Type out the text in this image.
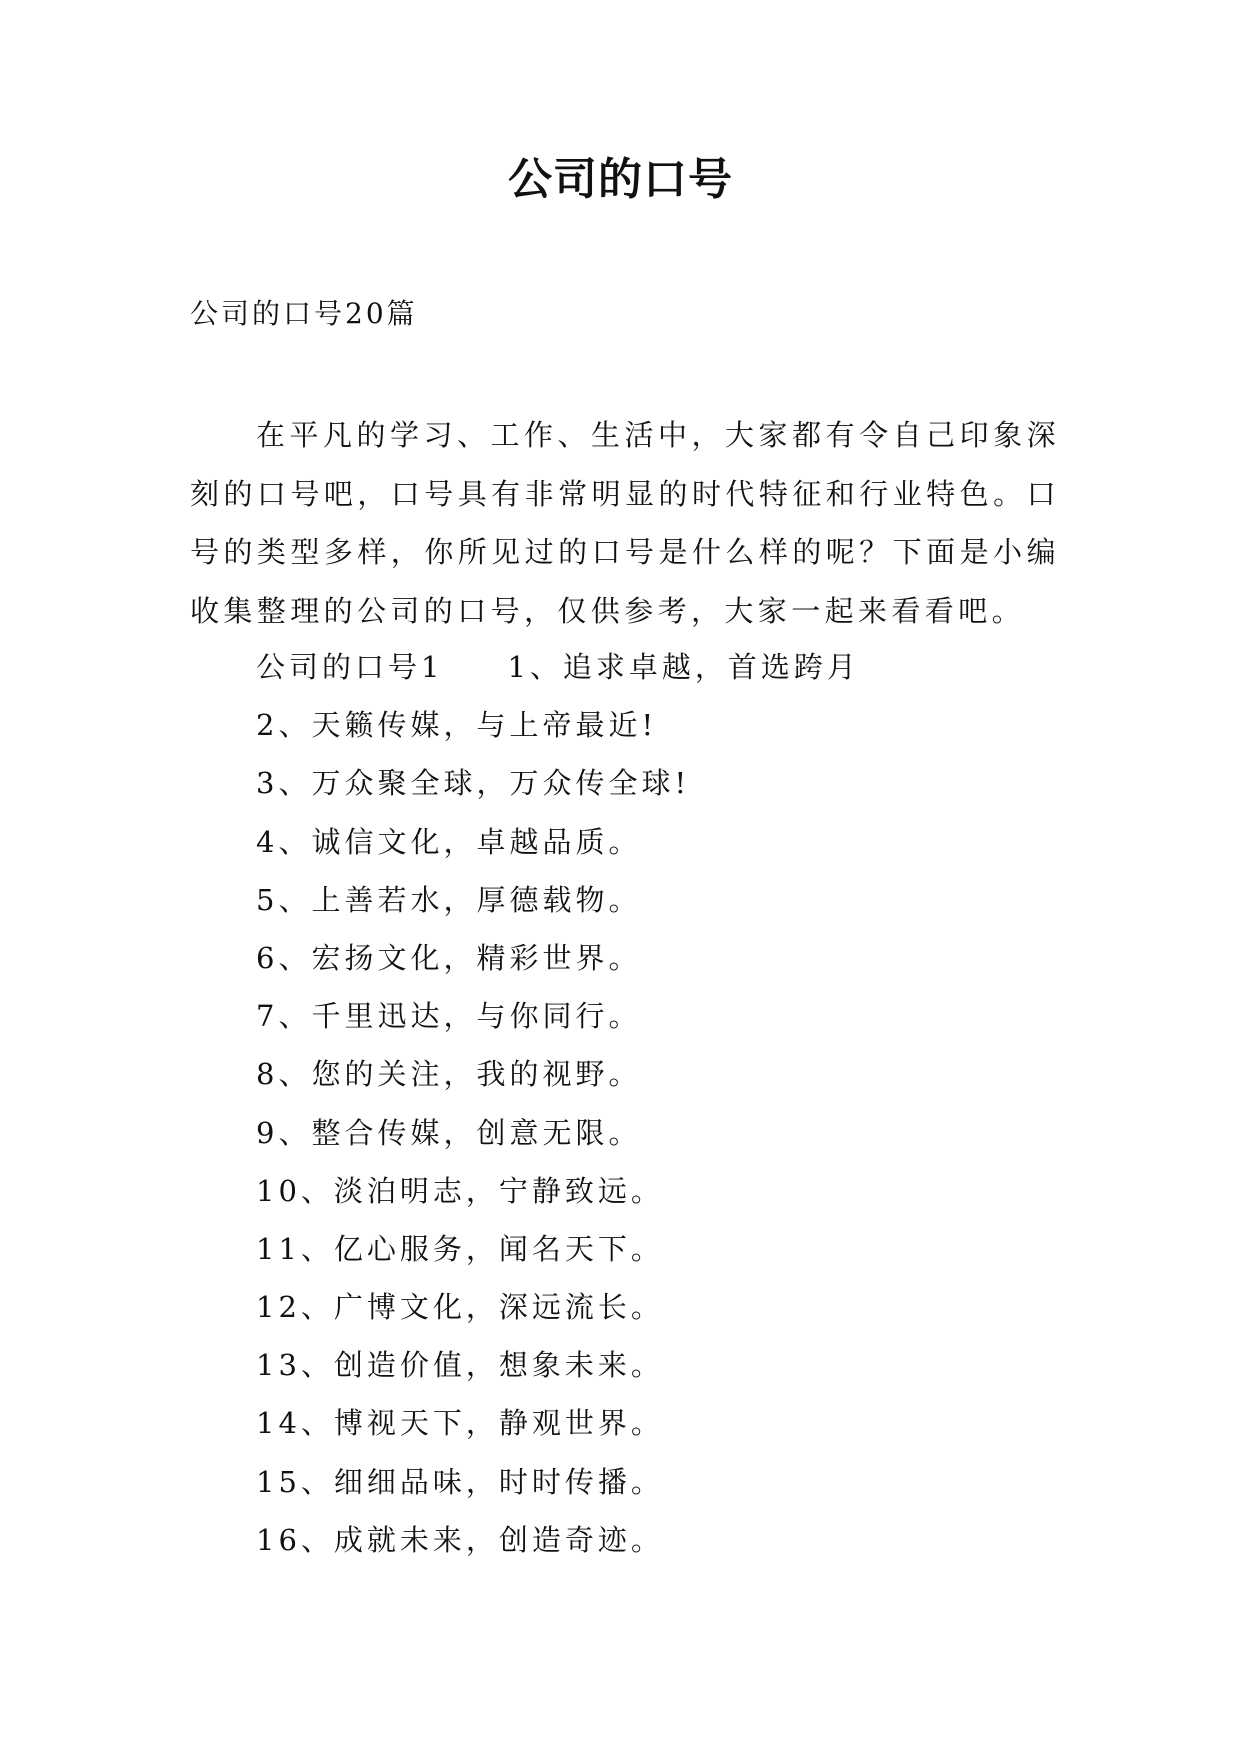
公司的口号
公司的口号20篇

在平凡的学习、工作、生活中，大家都有令自己印象深刻的口号吧，口号具有非常明显的时代特征和行业特色。口号的类型多样，你所见过的口号是什么样的呢？下面是小编收集整理的公司的口号，仅供参考，大家一起来看看吧。

公司的口号1 1、追求卓越，首选跨月
2、天籁传媒，与上帝最近!
3、万众聚全球，万众传全球!
4、诚信文化，卓越品质。
5、上善若水，厚德载物。
6、宏扬文化，精彩世界。
7、千里迅达，与你同行。
8、您的关注，我的视野。
9、整合传媒，创意无限。
10、淡泊明志，宁静致远。
11、亿心服务，闻名天下。
12、广博文化，深远流长。
13、创造价值，想象未来。
14、博视天下，静观世界。
15、细细品味，时时传播。
16、成就未来，创造奇迹。
